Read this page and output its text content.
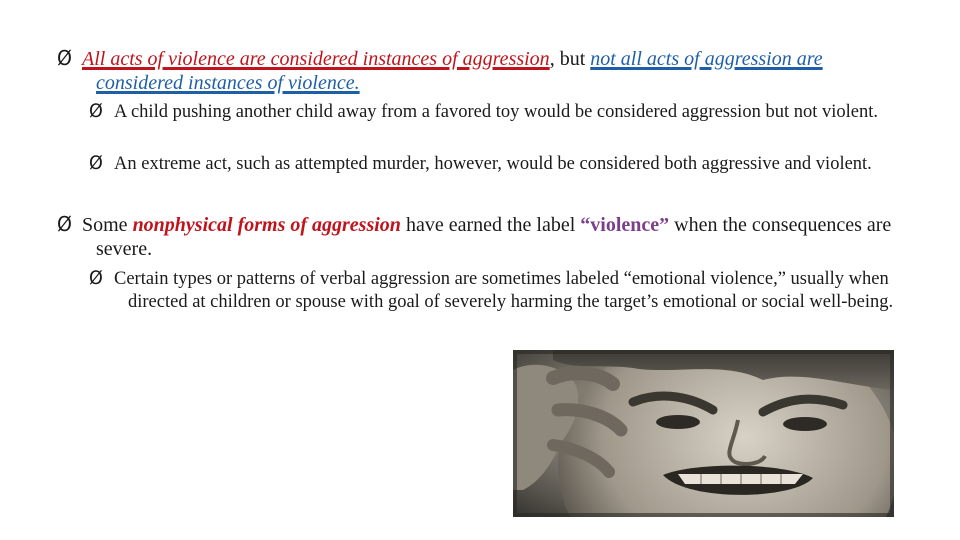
Ø All acts of violence are considered instances of aggression, but not all acts of aggression are considered instances of violence.
Ø A child pushing another child away from a favored toy would be considered aggression but not violent.
Ø An extreme act, such as attempted murder, however, would be considered both aggressive and violent.
Ø Some nonphysical forms of aggression have earned the label “violence” when the consequences are severe.
Ø Certain types or patterns of verbal aggression are sometimes labeled “emotional violence,” usually when directed at children or spouse with goal of severely harming the target’s emotional or social well-being.
